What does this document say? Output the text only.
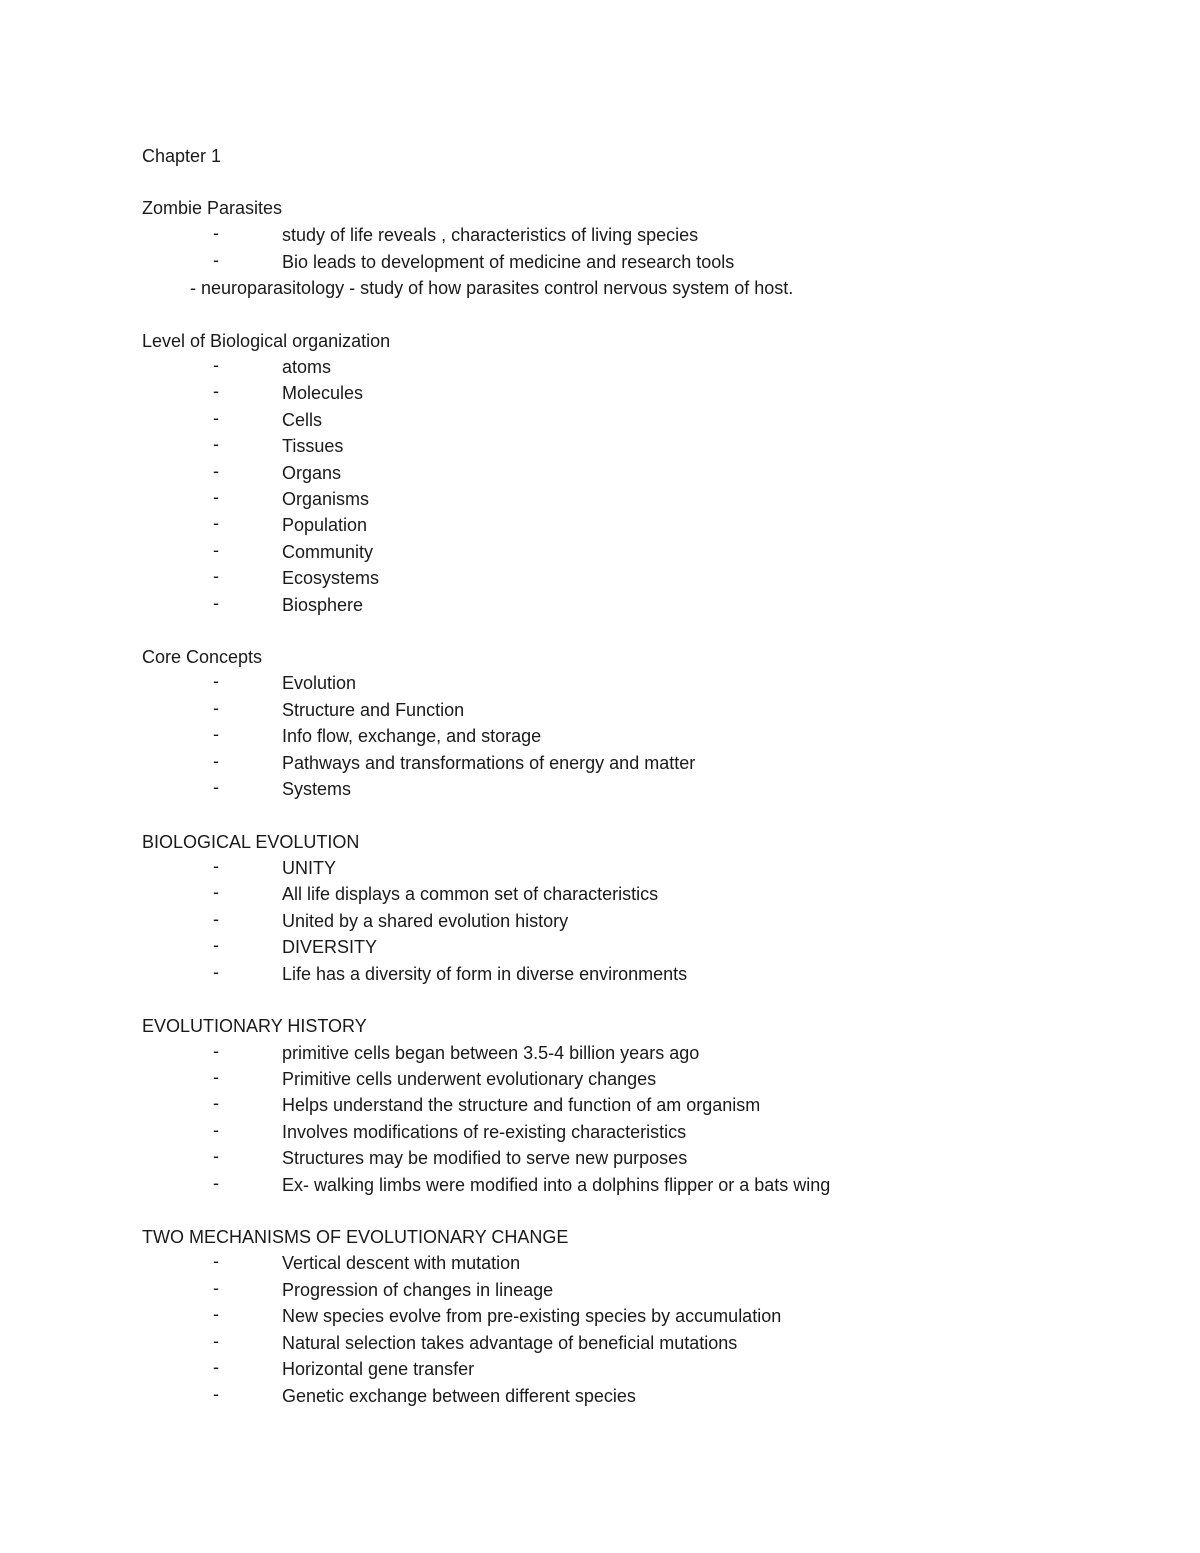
Chapter 1
Zombie Parasites
-	study of life reveals , characteristics of living species
-	Bio leads to development of medicine and research tools
- neuroparasitology - study of how parasites control nervous system of host.
Level of Biological organization
-	atoms
-	Molecules
-	Cells
-	Tissues
-	Organs
-	Organisms
-	Population
-	Community
-	Ecosystems
-	Biosphere
Core Concepts
-	Evolution
-	Structure and Function
-	Info flow, exchange, and storage
-	Pathways and transformations of energy and matter
-	Systems
BIOLOGICAL EVOLUTION
-	UNITY
-	All life displays a common set of characteristics
-	United by a shared evolution history
-	DIVERSITY
-	Life has a diversity of form in diverse environments
EVOLUTIONARY HISTORY
-	primitive cells began between 3.5-4 billion years ago
-	Primitive cells underwent evolutionary changes
-	Helps understand the structure and function of am organism
-	Involves modifications of re-existing characteristics
-	Structures may be modified to serve new purposes
-	Ex- walking limbs were modified into a dolphins flipper or a bats wing
TWO MECHANISMS OF EVOLUTIONARY CHANGE
-	Vertical descent with mutation
-	Progression of changes in lineage
-	New species evolve from pre-existing species by accumulation
-	Natural selection takes advantage of beneficial mutations
-	Horizontal gene transfer
-	Genetic exchange between different species
